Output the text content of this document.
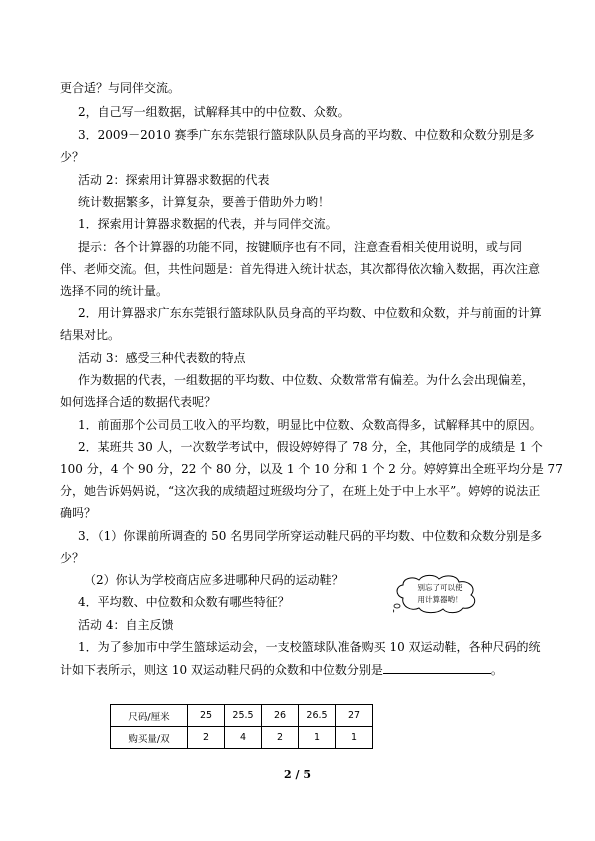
更合适？与同伴交流。
2，自己写一组数据，试解释其中的中位数、众数。
3．2009－2010 赛季广东东莞银行篮球队队员身高的平均数、中位数和众数分别是多
少？
活动 2：探索用计算器求数据的代表
统计数据繁多，计算复杂，要善于借助外力哟！
1．探索用计算器求数据的代表，并与同伴交流。
提示：各个计算器的功能不同，按键顺序也有不同，注意查看相关使用说明，或与同
伴、老师交流。但，共性问题是：首先得进入统计状态，其次都得依次输入数据，再次注意
选择不同的统计量。
2．用计算器求广东东莞银行篮球队队员身高的平均数、中位数和众数，并与前面的计算
结果对比。
活动 3：感受三种代表数的特点
作为数据的代表，一组数据的平均数、中位数、众数常常有偏差。为什么会出现偏差，
如何选择合适的数据代表呢？
1．前面那个公司员工收入的平均数，明显比中位数、众数高得多，试解释其中的原因。
2．某班共 30 人，一次数学考试中，假设婷婷得了 78 分，全，其他同学的成绩是 1 个
100 分，4 个 90 分，22 个 80 分，以及 1 个 10 分和 1 个 2 分。婷婷算出全班平均分是 77
分，她告诉妈妈说，“这次我的成绩超过班级均分了，在班上处于中上水平”。婷婷的说法正
确吗？
3．（1）你课前所调查的 50 名男同学所穿运动鞋尺码的平均数、中位数和众数分别是多
少？
（2）你认为学校商店应多进哪种尺码的运动鞋？
4．平均数、中位数和众数有哪些特征？
活动 4：自主反馈
1．为了参加市中学生篮球运动会，一支校篮球队准备购买 10 双运动鞋，各种尺码的统
计如下表所示，则这 10 双运动鞋尺码的众数和中位数分别是	。
别忘了可以使
用计算器哟！
尺码/厘米	25	25.5	26	26.5	27
购买量/双	2	4	2	1	1
2 / 5
